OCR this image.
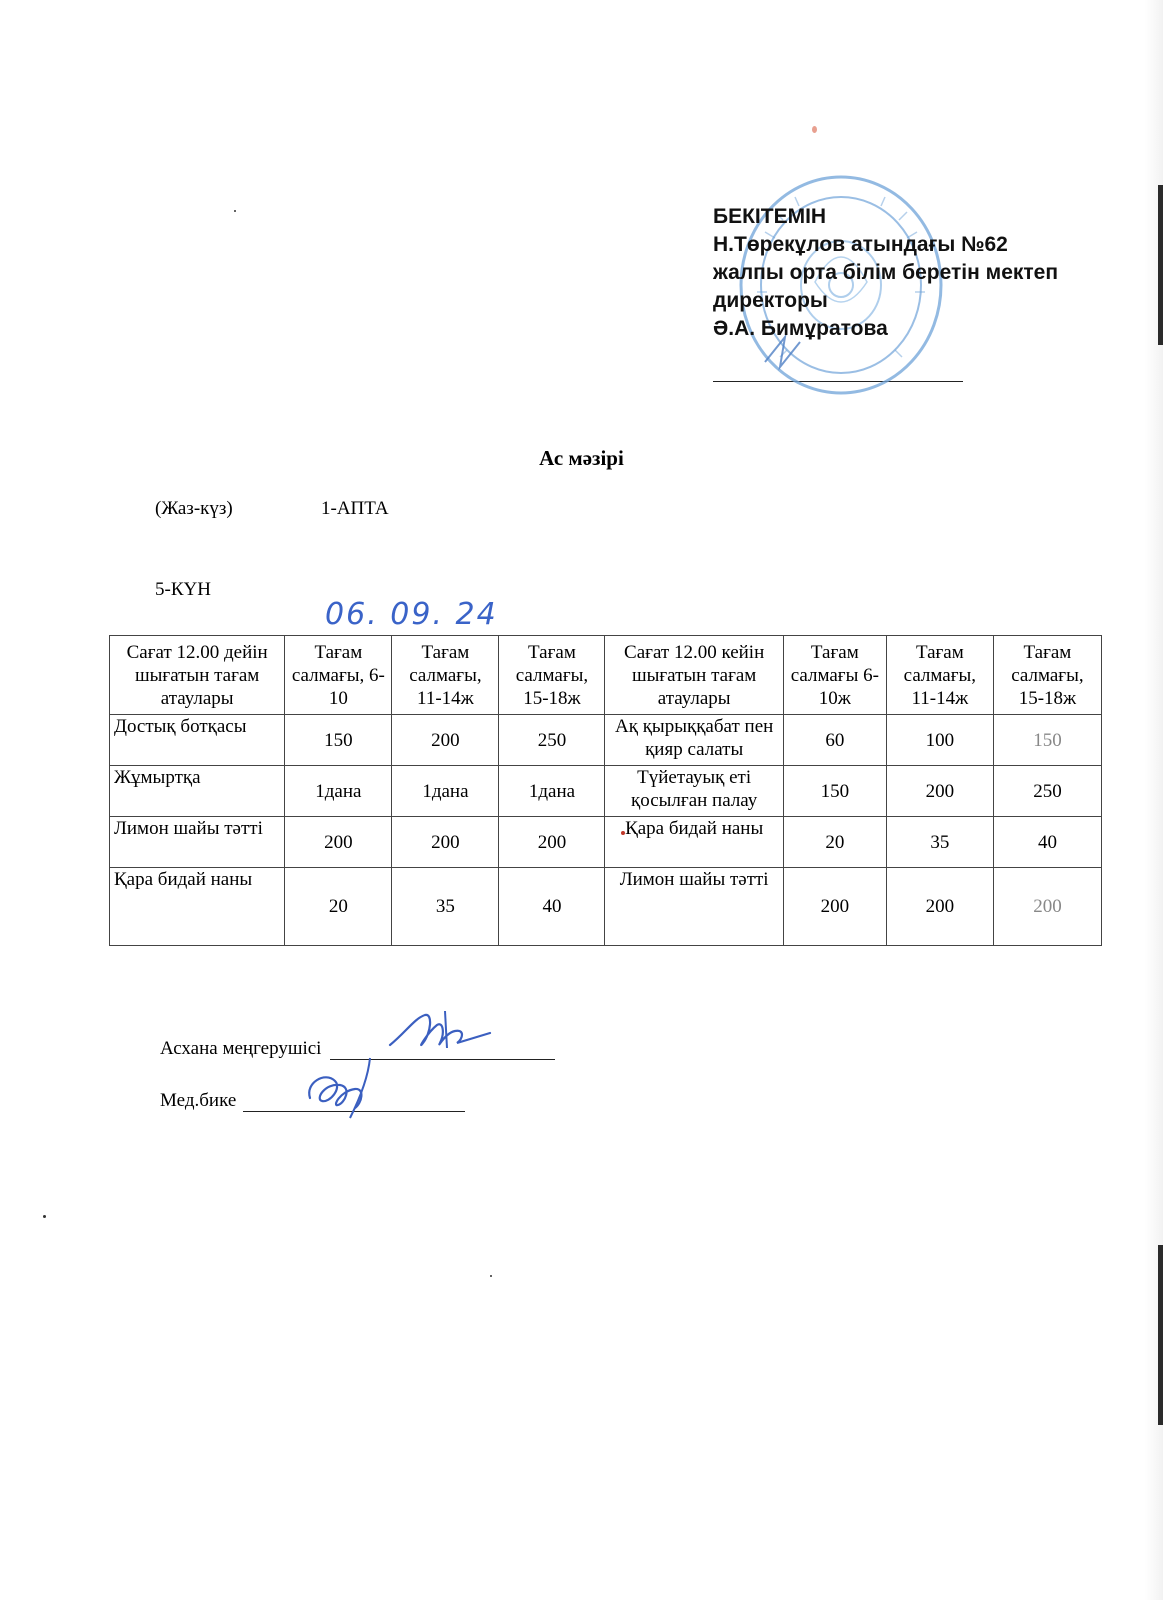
БЕКІТЕМІН
Н.Төрекұлов атындағы №62
жалпы орта білім беретін мектеп
директоры
Ә.А. Бимұратова
Ас мәзірі
(Жаз-күз)	1-АПТА
5-КҮН
06. 09. 24
Сағат 12.00 дейін шығатын тағам атаулары	Тағам салмағы, 6-10	Тағам салмағы, 11-14ж	Тағам салмағы, 15-18ж	Сағат 12.00 кейін шығатын тағам атаулары	Тағам салмағы 6-10ж	Тағам салмағы, 11-14ж	Тағам салмағы, 15-18ж
Достық ботқасы	150	200	250	Ақ қырыққабат пен қияр салаты	60	100	150
Жұмыртқа	1дана	1дана	1дана	Түйетауық еті қосылған палау	150	200	250
Лимон шайы тәтті	200	200	200	Қара бидай наны	20	35	40
Қара бидай наны	20	35	40	Лимон шайы тәтті	200	200	200
Асхана меңгерушісі
Мед.бике
